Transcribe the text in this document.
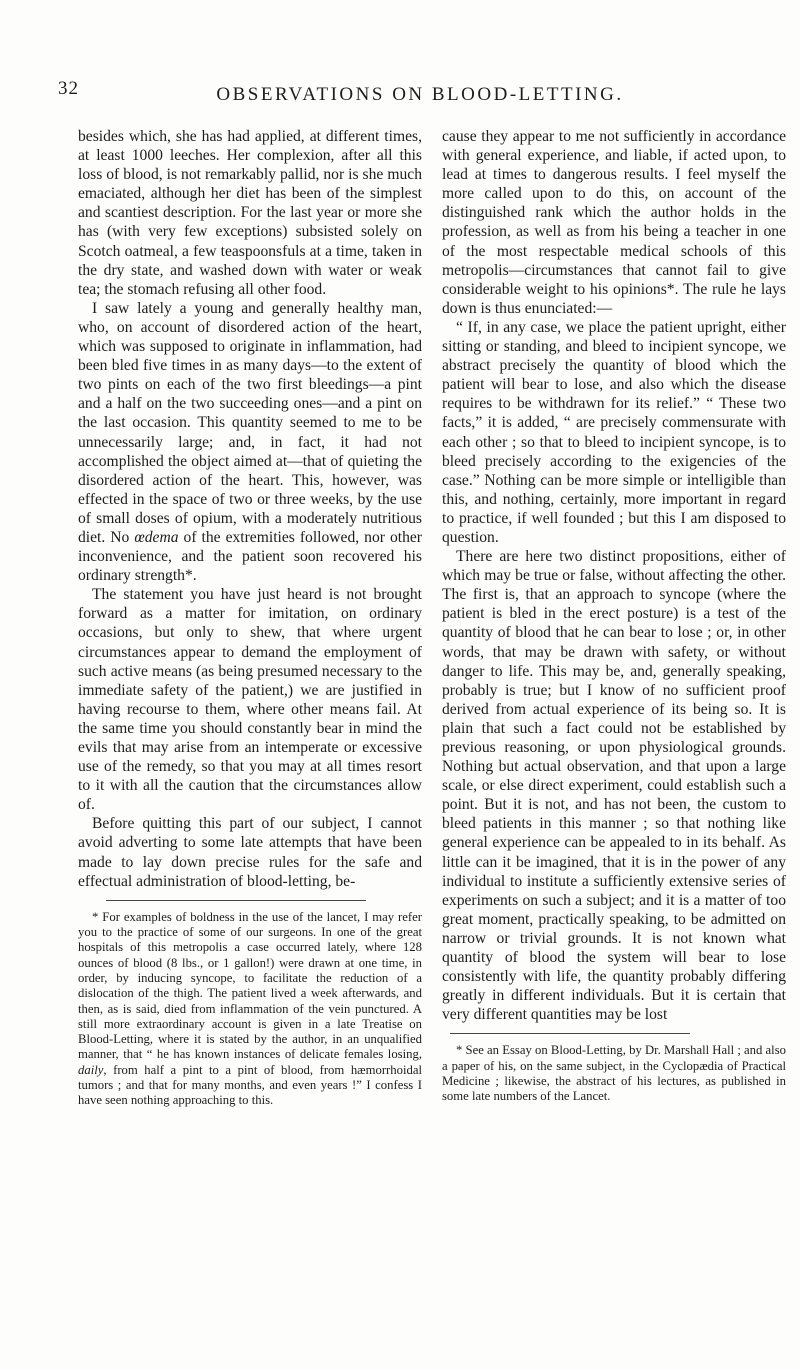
32	OBSERVATIONS ON BLOOD-LETTING.

besides which, she has had applied, at different times, at least 1000 leeches. Her complexion, after all this loss of blood, is not remarkably pallid, nor is she much emaciated, although her diet has been of the simplest and scantiest description. For the last year or more she has (with very few exceptions) subsisted solely on Scotch oatmeal, a few teaspoonsfuls at a time, taken in the dry state, and washed down with water or weak tea; the stomach refusing all other food.

I saw lately a young and generally healthy man, who, on account of disordered action of the heart, which was supposed to originate in inflammation, had been bled five times in as many days—to the extent of two pints on each of the two first bleedings—a pint and a half on the two succeeding ones—and a pint on the last occasion. This quantity seemed to me to be unnecessarily large; and, in fact, it had not accomplished the object aimed at—that of quieting the disordered action of the heart. This, however, was effected in the space of two or three weeks, by the use of small doses of opium, with a moderately nutritious diet. No œdema of the extremities followed, nor other inconvenience, and the patient soon recovered his ordinary strength*.

The statement you have just heard is not brought forward as a matter for imitation, on ordinary occasions, but only to shew, that where urgent circumstances appear to demand the employment of such active means (as being presumed necessary to the immediate safety of the patient,) we are justified in having recourse to them, where other means fail. At the same time you should constantly bear in mind the evils that may arise from an intemperate or excessive use of the remedy, so that you may at all times resort to it with all the caution that the circumstances allow of.

Before quitting this part of our subject, I cannot avoid adverting to some late attempts that have been made to lay down precise rules for the safe and effectual administration of blood-letting, be-

* For examples of boldness in the use of the lancet, I may refer you to the practice of some of our surgeons. In one of the great hospitals of this metropolis a case occurred lately, where 128 ounces of blood (8 lbs., or 1 gallon!) were drawn at one time, in order, by inducing syncope, to facilitate the reduction of a dislocation of the thigh. The patient lived a week afterwards, and then, as is said, died from inflammation of the vein punctured. A still more extraordinary account is given in a late Treatise on Blood-Letting, where it is stated by the author, in an unqualified manner, that “ he has known instances of delicate females losing, daily, from half a pint to a pint of blood, from hæmorrhoidal tumors ; and that for many months, and even years !” I confess I have seen nothing approaching to this.

cause they appear to me not sufficiently in accordance with general experience, and liable, if acted upon, to lead at times to dangerous results. I feel myself the more called upon to do this, on account of the distinguished rank which the author holds in the profession, as well as from his being a teacher in one of the most respectable medical schools of this metropolis—circumstances that cannot fail to give considerable weight to his opinions*. The rule he lays down is thus enunciated:—

“ If, in any case, we place the patient upright, either sitting or standing, and bleed to incipient syncope, we abstract precisely the quantity of blood which the patient will bear to lose, and also which the disease requires to be withdrawn for its relief.” “ These two facts,” it is added, “ are precisely commensurate with each other ; so that to bleed to incipient syncope, is to bleed precisely according to the exigencies of the case.” Nothing can be more simple or intelligible than this, and nothing, certainly, more important in regard to practice, if well founded ; but this I am disposed to question.

There are here two distinct propositions, either of which may be true or false, without affecting the other. The first is, that an approach to syncope (where the patient is bled in the erect posture) is a test of the quantity of blood that he can bear to lose ; or, in other words, that may be drawn with safety, or without danger to life. This may be, and, generally speaking, probably is true; but I know of no sufficient proof derived from actual experience of its being so. It is plain that such a fact could not be established by previous reasoning, or upon physiological grounds. Nothing but actual observation, and that upon a large scale, or else direct experiment, could establish such a point. But it is not, and has not been, the custom to bleed patients in this manner ; so that nothing like general experience can be appealed to in its behalf. As little can it be imagined, that it is in the power of any individual to institute a sufficiently extensive series of experiments on such a subject; and it is a matter of too great moment, practically speaking, to be admitted on narrow or trivial grounds. It is not known what quantity of blood the system will bear to lose consistently with life, the quantity probably differing greatly in different individuals. But it is certain that very different quantities may be lost

* See an Essay on Blood-Letting, by Dr. Marshall Hall ; and also a paper of his, on the same subject, in the Cyclopædia of Practical Medicine ; likewise, the abstract of his lectures, as published in some late numbers of the Lancet.
